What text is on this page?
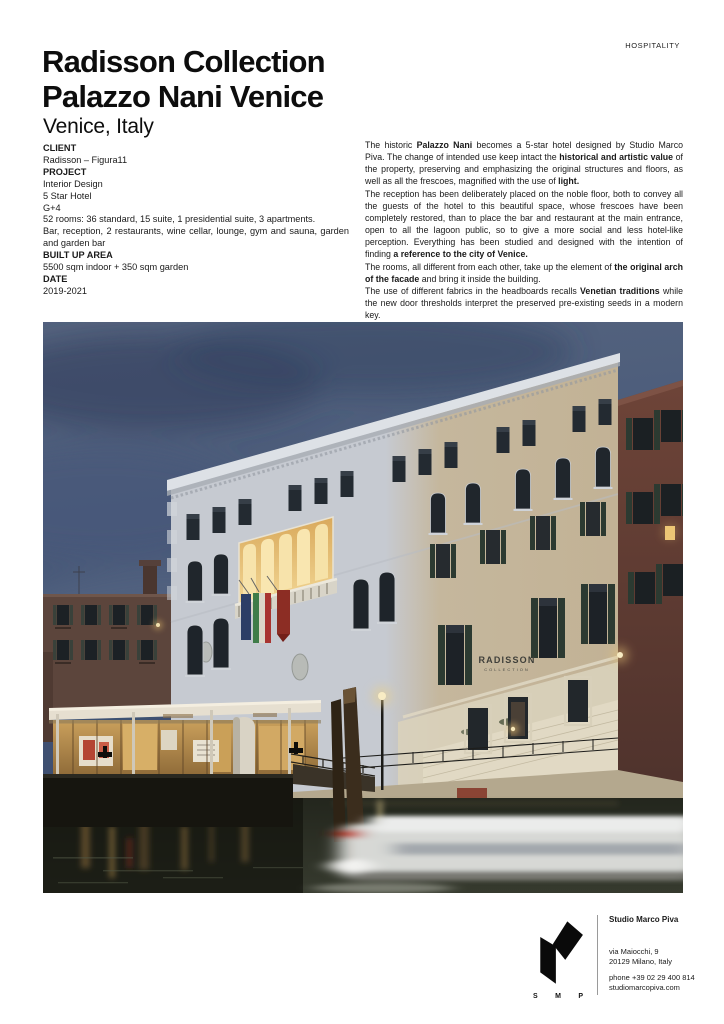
HOSPITALITY
Radisson Collection
Palazzo Nani Venice
Venice, Italy
CLIENT
Radisson – Figura11
PROJECT
Interior Design
5 Star Hotel
G+4
52 rooms: 36 standard, 15 suite, 1 presidential suite, 3 apartments.
Bar, reception, 2 restaurants, wine cellar, lounge, gym and sauna, garden and garden bar
BUILT UP AREA
5500 sqm indoor + 350 sqm garden
DATE
2019-2021

The historic Palazzo Nani becomes a 5-star hotel designed by Studio Marco Piva. The change of intended use keep intact the historical and artistic value of the property, preserving and emphasizing the original structures and floors, as well as all the frescoes, magnified with the use of light.

The reception has been deliberately placed on the noble floor, both to convey all the guests of the hotel to this beautiful space, whose frescoes have been completely restored, than to place the bar and restaurant at the main entrance, open to all the lagoon public, so to give a more social and less hotel-like perception. Everything has been studied and designed with the intention of finding a reference to the city of Venice.

The rooms, all different from each other, take up the element of the original arch of the facade and bring it inside the building.

The use of different fabrics in the headboards recalls Venetian traditions while the new door thresholds interpret the preserved pre-existing seeds in a modern key.

RADISSON
COLLECTION
S M P
Studio Marco Piva
via Maiocchi, 9
20129 Milano, Italy
phone +39 02 29 400 814
studiomarcopiva.com
